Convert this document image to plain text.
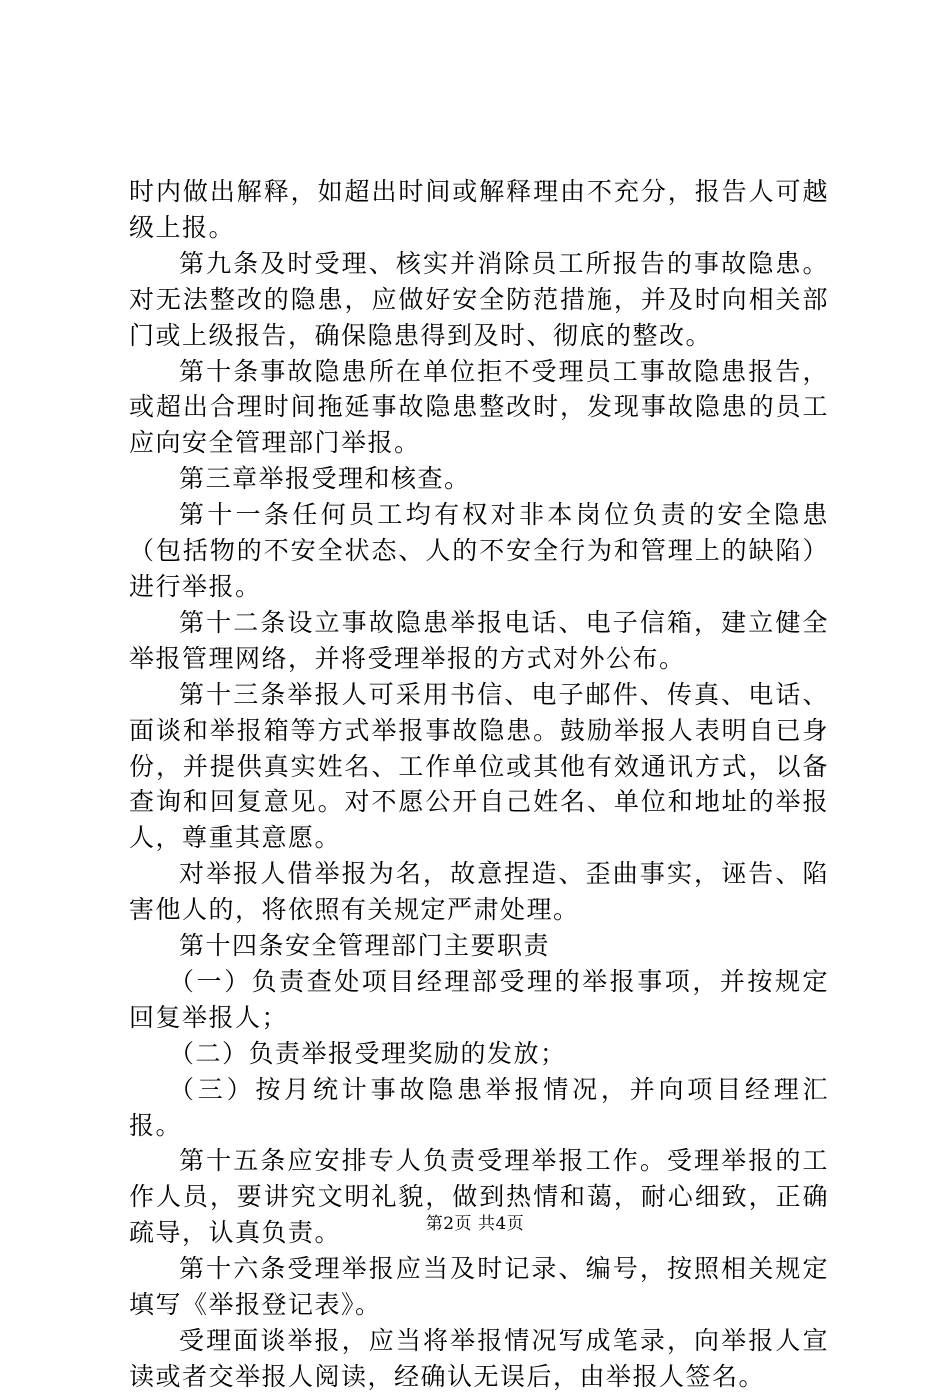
时内做出解释，如超出时间或解释理由不充分，报告人可越级上报。

第九条及时受理、核实并消除员工所报告的事故隐患。对无法整改的隐患，应做好安全防范措施，并及时向相关部门或上级报告，确保隐患得到及时、彻底的整改。

第十条事故隐患所在单位拒不受理员工事故隐患报告，或超出合理时间拖延事故隐患整改时，发现事故隐患的员工应向安全管理部门举报。

第三章举报受理和核查。

第十一条任何员工均有权对非本岗位负责的安全隐患（包括物的不安全状态、人的不安全行为和管理上的缺陷）进行举报。

第十二条设立事故隐患举报电话、电子信箱，建立健全举报管理网络，并将受理举报的方式对外公布。

第十三条举报人可采用书信、电子邮件、传真、电话、面谈和举报箱等方式举报事故隐患。鼓励举报人表明自已身份，并提供真实姓名、工作单位或其他有效通讯方式，以备查询和回复意见。对不愿公开自己姓名、单位和地址的举报人，尊重其意愿。

对举报人借举报为名，故意捏造、歪曲事实，诬告、陷害他人的，将依照有关规定严肃处理。

第十四条安全管理部门主要职责

（一）负责查处项目经理部受理的举报事项，并按规定回复举报人；

（二）负责举报受理奖励的发放；

（三）按月统计事故隐患举报情况，并向项目经理汇报。

第十五条应安排专人负责受理举报工作。受理举报的工作人员，要讲究文明礼貌，做到热情和蔼，耐心细致，正确疏导，认真负责。

第十六条受理举报应当及时记录、编号，按照相关规定填写《举报登记表》。

受理面谈举报，应当将举报情况写成笔录，向举报人宣读或者交举报人阅读，经确认无误后，由举报人签名。

第2页 共4页
